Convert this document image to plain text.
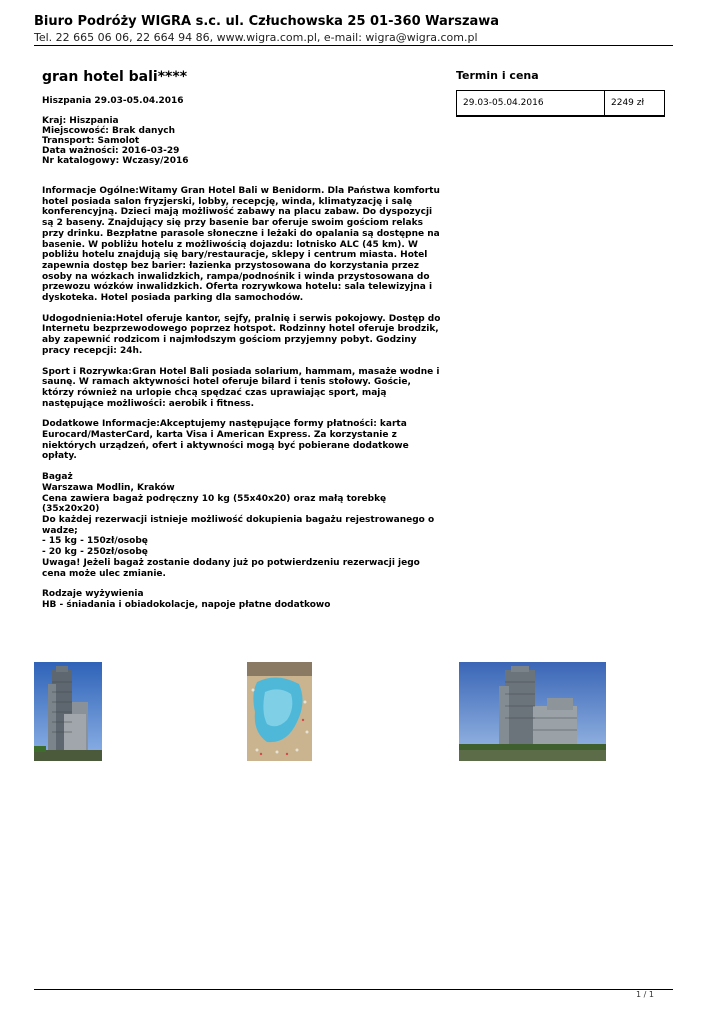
Biuro Podróży WIGRA s.c. ul. Człuchowska 25 01-360 Warszawa

Tel. 22 665 06 06, 22 664 94 86, www.wigra.com.pl, e-mail: wigra@wigra.com.pl
gran hotel bali****
Hiszpania 29.03-05.04.2016
Kraj: Hiszpania
Miejscowość: Brak danych
Transport: Samolot
Data ważności: 2016-03-29
Nr katalogowy: Wczasy/2016
Informacje Ogólne:Witamy Gran Hotel Bali w Benidorm. Dla Państwa komfortu hotel posiada salon fryzjerski, lobby, recepcję, winda, klimatyzację i salę konferencyjną. Dzieci mają możliwość zabawy na placu zabaw. Do dyspozycji są 2 baseny. Znajdujący się przy basenie bar oferuje swoim gościom relaks przy drinku. Bezpłatne parasole słoneczne i leżaki do opalania są dostępne na basenie. W pobliżu hotelu z możliwością dojazdu: lotnisko ALC (45 km). W pobliżu hotelu znajdują się bary/restauracje, sklepy i centrum miasta. Hotel zapewnia dostęp bez barier: łazienka przystosowana do korzystania przez osoby na wózkach inwalidzkich, rampa/podnośnik i winda przystosowana do przewozu wózków inwalidzkich. Oferta rozrywkowa hotelu: sala telewizyjna i dyskoteka. Hotel posiada parking dla samochodów.
Udogodnienia:Hotel oferuje kantor, sejfy, pralnię i serwis pokojowy. Dostęp do Internetu bezprzewodowego poprzez hotspot. Rodzinny hotel oferuje brodzik, aby zapewnić rodzicom i najmłodszym gościom przyjemny pobyt. Godziny pracy recepcji: 24h.
Sport i Rozrywka:Gran Hotel Bali posiada solarium, hammam, masaże wodne i saunę. W ramach aktywności hotel oferuje bilard i tenis stołowy. Goście, którzy również na urlopie chcą spędzać czas uprawiając sport, mają następujące możliwości: aerobik i fitness.
Dodatkowe Informacje:Akceptujemy następujące formy płatności: karta Eurocard/MasterCard, karta Visa i American Express. Za korzystanie z niektórych urządzeń, ofert i aktywności mogą być pobierane dodatkowe opłaty.
Bagaż
Warszawa Modlin, Kraków
Cena zawiera bagaż podręczny 10 kg (55x40x20) oraz małą torebkę (35x20x20)
Do każdej rezerwacji istnieje możliwość dokupienia bagażu rejestrowanego o wadze;
- 15 kg - 150zł/osobę
- 20 kg - 250zł/osobę
Uwaga! Jeżeli bagaż zostanie dodany już po potwierdzeniu rezerwacji jego cena może ulec zmianie.
Rodzaje wyżywienia
HB - śniadania i obiadokolacje, napoje płatne dodatkowo
Termin i cena
29.03-05.04.2016	2249 zł
1 / 1
